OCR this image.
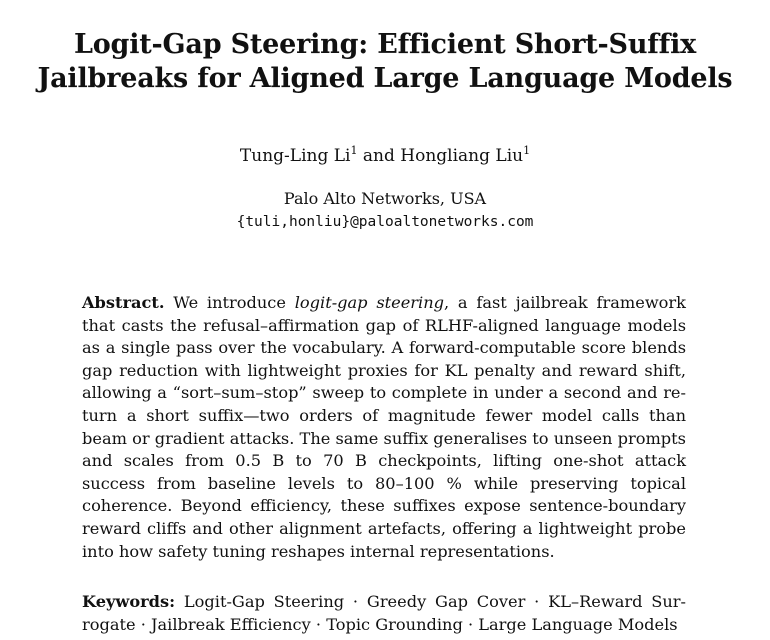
Logit-Gap Steering: Efficient Short-Suffix
Jailbreaks for Aligned Large Language Models
Tung-Ling Li$^1$ and Hongliang Liu$^1$
Palo Alto Networks, USA
{tuli,honliu}@paloaltonetworks.com

Abstract. We introduce logit-gap steering, a fast jailbreak framework that casts the refusal–affirmation gap of RLHF-aligned language models as a single pass over the vocabulary. A forward-computable score blends gap reduction with lightweight proxies for KL penalty and reward shift, allowing a “sort–sum–stop” sweep to complete in under a second and return a short suffix—two orders of magnitude fewer model calls than beam or gradient attacks. The same suffix generalises to unseen prompts and scales from 0.5 B to 70 B checkpoints, lifting one-shot attack success from baseline levels to 80–100 % while preserving topical coherence. Beyond efficiency, these suffixes expose sentence-boundary reward cliffs and other alignment artefacts, offering a lightweight probe into how safety tuning reshapes internal representations.

Keywords: Logit-Gap Steering · Greedy Gap Cover · KL–Reward Surrogate · Jailbreak Efficiency · Topic Grounding · Large Language Models
